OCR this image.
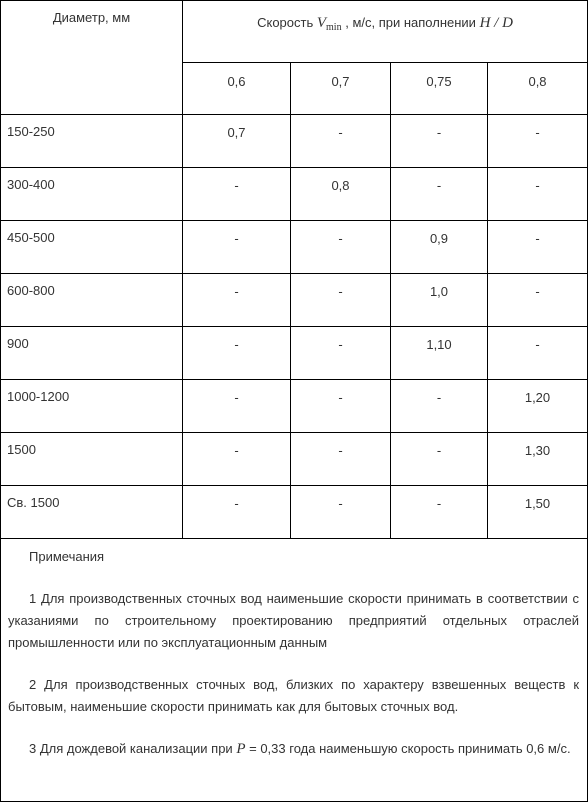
Диаметр, мм	Скорость $V_{min}$ , м/с, при наполнении H / D			

	0,6	0,7	0,75	0,8
150-250	0,7	-	-	-
300-400	-	0,8	-	-
450-500	-	-	0,9	-
600-800	-	-	1,0	-
900	-	-	1,10	-
1000-1200	-	-	-	1,20
1500	-	-	-	1,30
Св. 1500	-	-	-	1,50

Примечания

1 Для производственных сточных вод наименьшие скорости принимать в соответствии с указаниями по строительному проектированию предприятий отдельных отраслей промышленности или по эксплуатационным данным

2 Для производственных сточных вод, близких по характеру взвешенных веществ к бытовым, наименьшие скорости принимать как для бытовых сточных вод.

3 Для дождевой канализации при P = 0,33 года наименьшую скорость принимать 0,6 м/с.				
